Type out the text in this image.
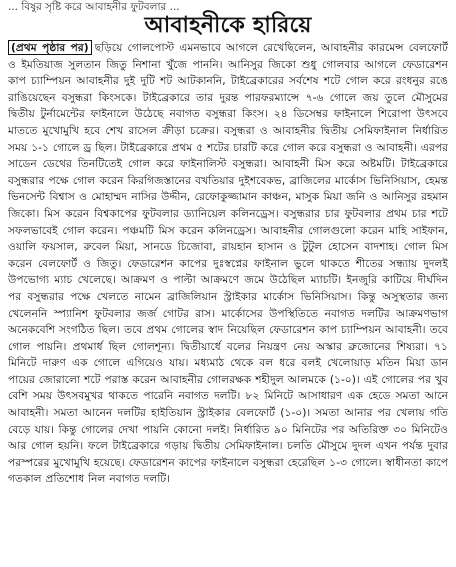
... বিষুর সৃষ্টি করে আবাহনীর ফুটবলার ...
আবাহনীকে হারিয়ে

(প্রথম পৃষ্ঠার পর) ছড়িয়ে গোলপোস্ট এমনভাবে আগলে রেখেছিলেন, আবাহনীর কারমেন্স বেলফোর্ট ও ইমতিয়াজ সুলতান জিতু নিশানা খুঁজে পাননি। আনিসুর জিকো শুধু গোলবার আগলে ফেডারেশন কাপ চ্যাম্পিয়ন আবাহনীর দুই দুটি শট আটকাননি, টাইব্রেকারের সর্বশেষ শটে গোল করে রংধনুর রঙে রাঙিয়েছেন বসুন্ধরা কিংসকে। টাইব্রেকারে তার দুরন্ত পারফরম্যান্সে ৭-৬ গোলে জয় তুলে মৌসুমের দ্বিতীয় টুর্নামেন্টের ফাইনালে উঠেছে নবাগত বসুন্ধরা কিংস। ২৪ ডিসেম্বর ফাইনালে শিরোপা উৎসবে মাততে মুখোমুখি হবে শেখ রাসেল ক্রীড়া চক্রের। বসুন্ধরা ও আবাহনীর দ্বিতীয় সেমিফাইনাল নির্ধারিত সময় ১-১ গোলে ড্র ছিল। টাইব্রেকারে প্রথম ৫ শটের চারটি করে গোল করে বসুন্ধরা ও আবাহনী। এরপর সাডেন ডেথের তিনটিতেই গোল করে ফাইনালিস্ট বসুন্ধরা। আবাহনী মিস করে অষ্টমটি। টাইব্রেকারে বসুন্ধরার পক্ষে গোল করেন কিরগিজস্তানের বখতিয়ার দুইশবেকভ, ব্রাজিলের মার্কোস ভিনিসিয়াস, হেমন্ত ভিনসেন্ট বিশ্বাস ও মোহাম্মদ নাসির উদ্দীন, রেফোকুজ্জামান কাঞ্চন, মাসুক মিয়া জনি ও আনিসুর রহমান জিকো। মিস করেন বিশ্বকাপের ফুটবলার ড্যানিয়েল কলিনড্রেস। বসুন্ধরার চার ফুটবলার প্রথম চার শটে সফলভাবেই গোল করেন। পঞ্চমটি মিস করেন কলিনড্রেস। আবাহনীর গোলগুলো করেন মাহি সাইফান, ওয়ালি ফয়সাল, রুবেল মিয়া, সানডে চিজোবা, রায়হান হাসান ও টুটুল হোসেন বাদশাহ। গোল মিস করেন বেলফোর্ট ও জিতু। ফেডারেশন কাপের দুঃস্বপ্নের ফাইনাল ভুলে থাকতে শীতের সন্ধ্যায় দুদলই উপভোগ্য ম্যাচ খেলেছে। আক্রমণ ও পাল্টা আক্রমণে জমে উঠেছিল ম্যাচটি। ইনজুরি কাটিয়ে দীর্ঘদিন পর বসুন্ধরার পক্ষে খেলতে নামেন ব্রাজিলিয়ান স্ট্রাইকার মার্কোস ভিনিসিয়াস। কিন্তু অসুস্থতার জন্য খেলেননি স্প্যানিশ ফুটবলার জর্জ গোটর রাস। মার্কোসের উপস্থিতিতে নবাগত দলটির আক্রমণভাগ অনেকবেশি সংগঠিত ছিল। তবে প্রথম গোলের স্বাদ নিয়েছিল ফেডারেশন কাপ চ্যাম্পিয়ন আবাহনী। তবে গোল পায়নি। প্রথমার্ধ ছিল গোলশূন্য। দ্বিতীয়ার্ধে বলের নিয়ন্ত্রণ নেয় অস্কার ব্রুজোনের শিষ্যরা। ৭১ মিনিটে দারুণ এক গোলে এগিয়েও যায়। মধ্যমাঠ থেকে বল ধরে বলই খেলোয়াড় মতিন মিয়া ডান পায়ের জোরালো শটে পরাস্ত করেন আবাহনীর গোলরক্ষক শহীদুল আলমকে (১-০)। এই গোলের পর খুব বেশি সময় উৎসবমুখর থাকতে পারেনি নবাগত দলটি। ৮২ মিনিটে আসাধারণ এক হেডে সমতা আনে আবাহনী। সমতা আনেন দলটির হাইতিয়ান স্ট্রাইকার বেলফোর্ট (১-০)। সমতা আনার পর খেলায় গতি বেড়ে যায়। কিন্তু গোলের দেখা পায়নি কোনো দলই। নির্ধারিত ৯০ মিনিটের পর অতিরিক্ত ৩০ মিনিটেও আর গোল হয়নি। ফলে টাইব্রেকারে গড়ায় দ্বিতীয় সেমিফাইনাল। চলতি মৌসুমে দুদল এখন পর্যন্ত দুবার পরস্পরের মুখোমুখি হয়েছে। ফেডারেশন কাপের ফাইনালে বসুন্ধরা হেরেছিল ১-৩ গোলে। স্বাধীনতা কাপে গতকাল প্রতিশোধ নিল নবাগত দলটি।
